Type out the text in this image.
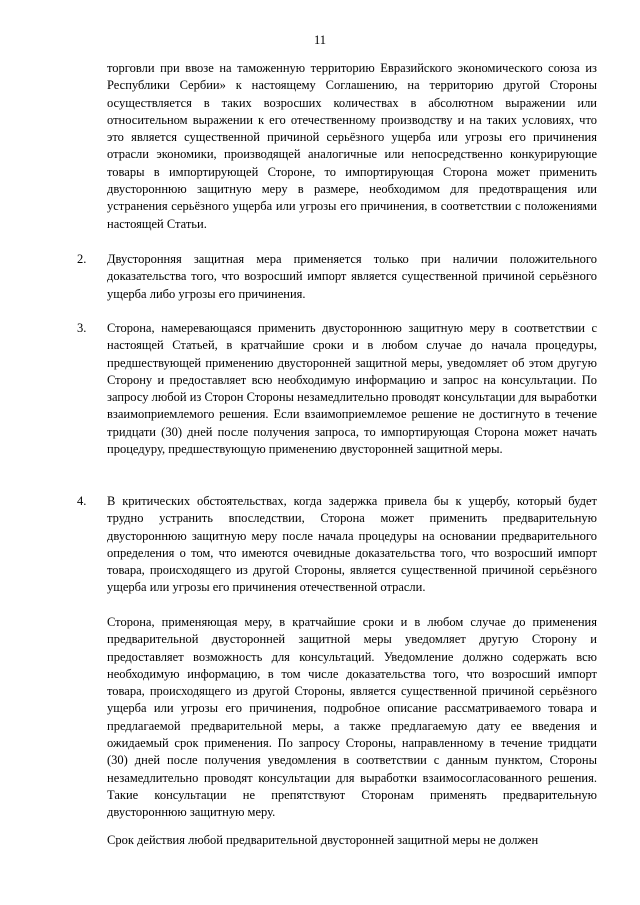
11
торговли при ввозе на таможенную территорию Евразийского экономического союза из Республики Сербии» к настоящему Соглашению, на территорию другой Стороны осуществляется в таких возросших количествах в абсолютном выражении или относительном выражении к его отечественному производству и на таких условиях, что это является существенной причиной серьёзного ущерба или угрозы его причинения отрасли экономики, производящей аналогичные или непосредственно конкурирующие товары в импортирующей Стороне, то импортирующая Сторона может применить двустороннюю защитную меру в размере, необходимом для предотвращения или устранения серьёзного ущерба или угрозы его причинения, в соответствии с положениями настоящей Статьи.
2. Двусторонняя защитная мера применяется только при наличии положительного доказательства того, что возросший импорт является существенной причиной серьёзного ущерба либо угрозы его причинения.
3. Сторона, намеревающаяся применить двустороннюю защитную меру в соответствии с настоящей Статьей, в кратчайшие сроки и в любом случае до начала процедуры, предшествующей применению двусторонней защитной меры, уведомляет об этом другую Сторону и предоставляет всю необходимую информацию и запрос на консультации. По запросу любой из Сторон Стороны незамедлительно проводят консультации для выработки взаимоприемлемого решения. Если взаимоприемлемое решение не достигнуто в течение тридцати (30) дней после получения запроса, то импортирующая Сторона может начать процедуру, предшествующую применению двусторонней защитной меры.
4. В критических обстоятельствах, когда задержка привела бы к ущербу, который будет трудно устранить впоследствии, Сторона может применить предварительную двустороннюю защитную меру после начала процедуры на основании предварительного определения о том, что имеются очевидные доказательства того, что возросший импорт товара, происходящего из другой Стороны, является существенной причиной серьёзного ущерба или угрозы его причинения отечественной отрасли.
Сторона, применяющая меру, в кратчайшие сроки и в любом случае до применения предварительной двусторонней защитной меры уведомляет другую Сторону и предоставляет возможность для консультаций. Уведомление должно содержать всю необходимую информацию, в том числе доказательства того, что возросший импорт товара, происходящего из другой Стороны, является существенной причиной серьёзного ущерба или угрозы его причинения, подробное описание рассматриваемого товара и предлагаемой предварительной меры, а также предлагаемую дату ее введения и ожидаемый срок применения. По запросу Стороны, направленному в течение тридцати (30) дней после получения уведомления в соответствии с данным пунктом, Стороны незамедлительно проводят консультации для выработки взаимосогласованного решения. Такие консультации не препятствуют Сторонам применять предварительную двустороннюю защитную меру.
Срок действия любой предварительной двусторонней защитной меры не должен
